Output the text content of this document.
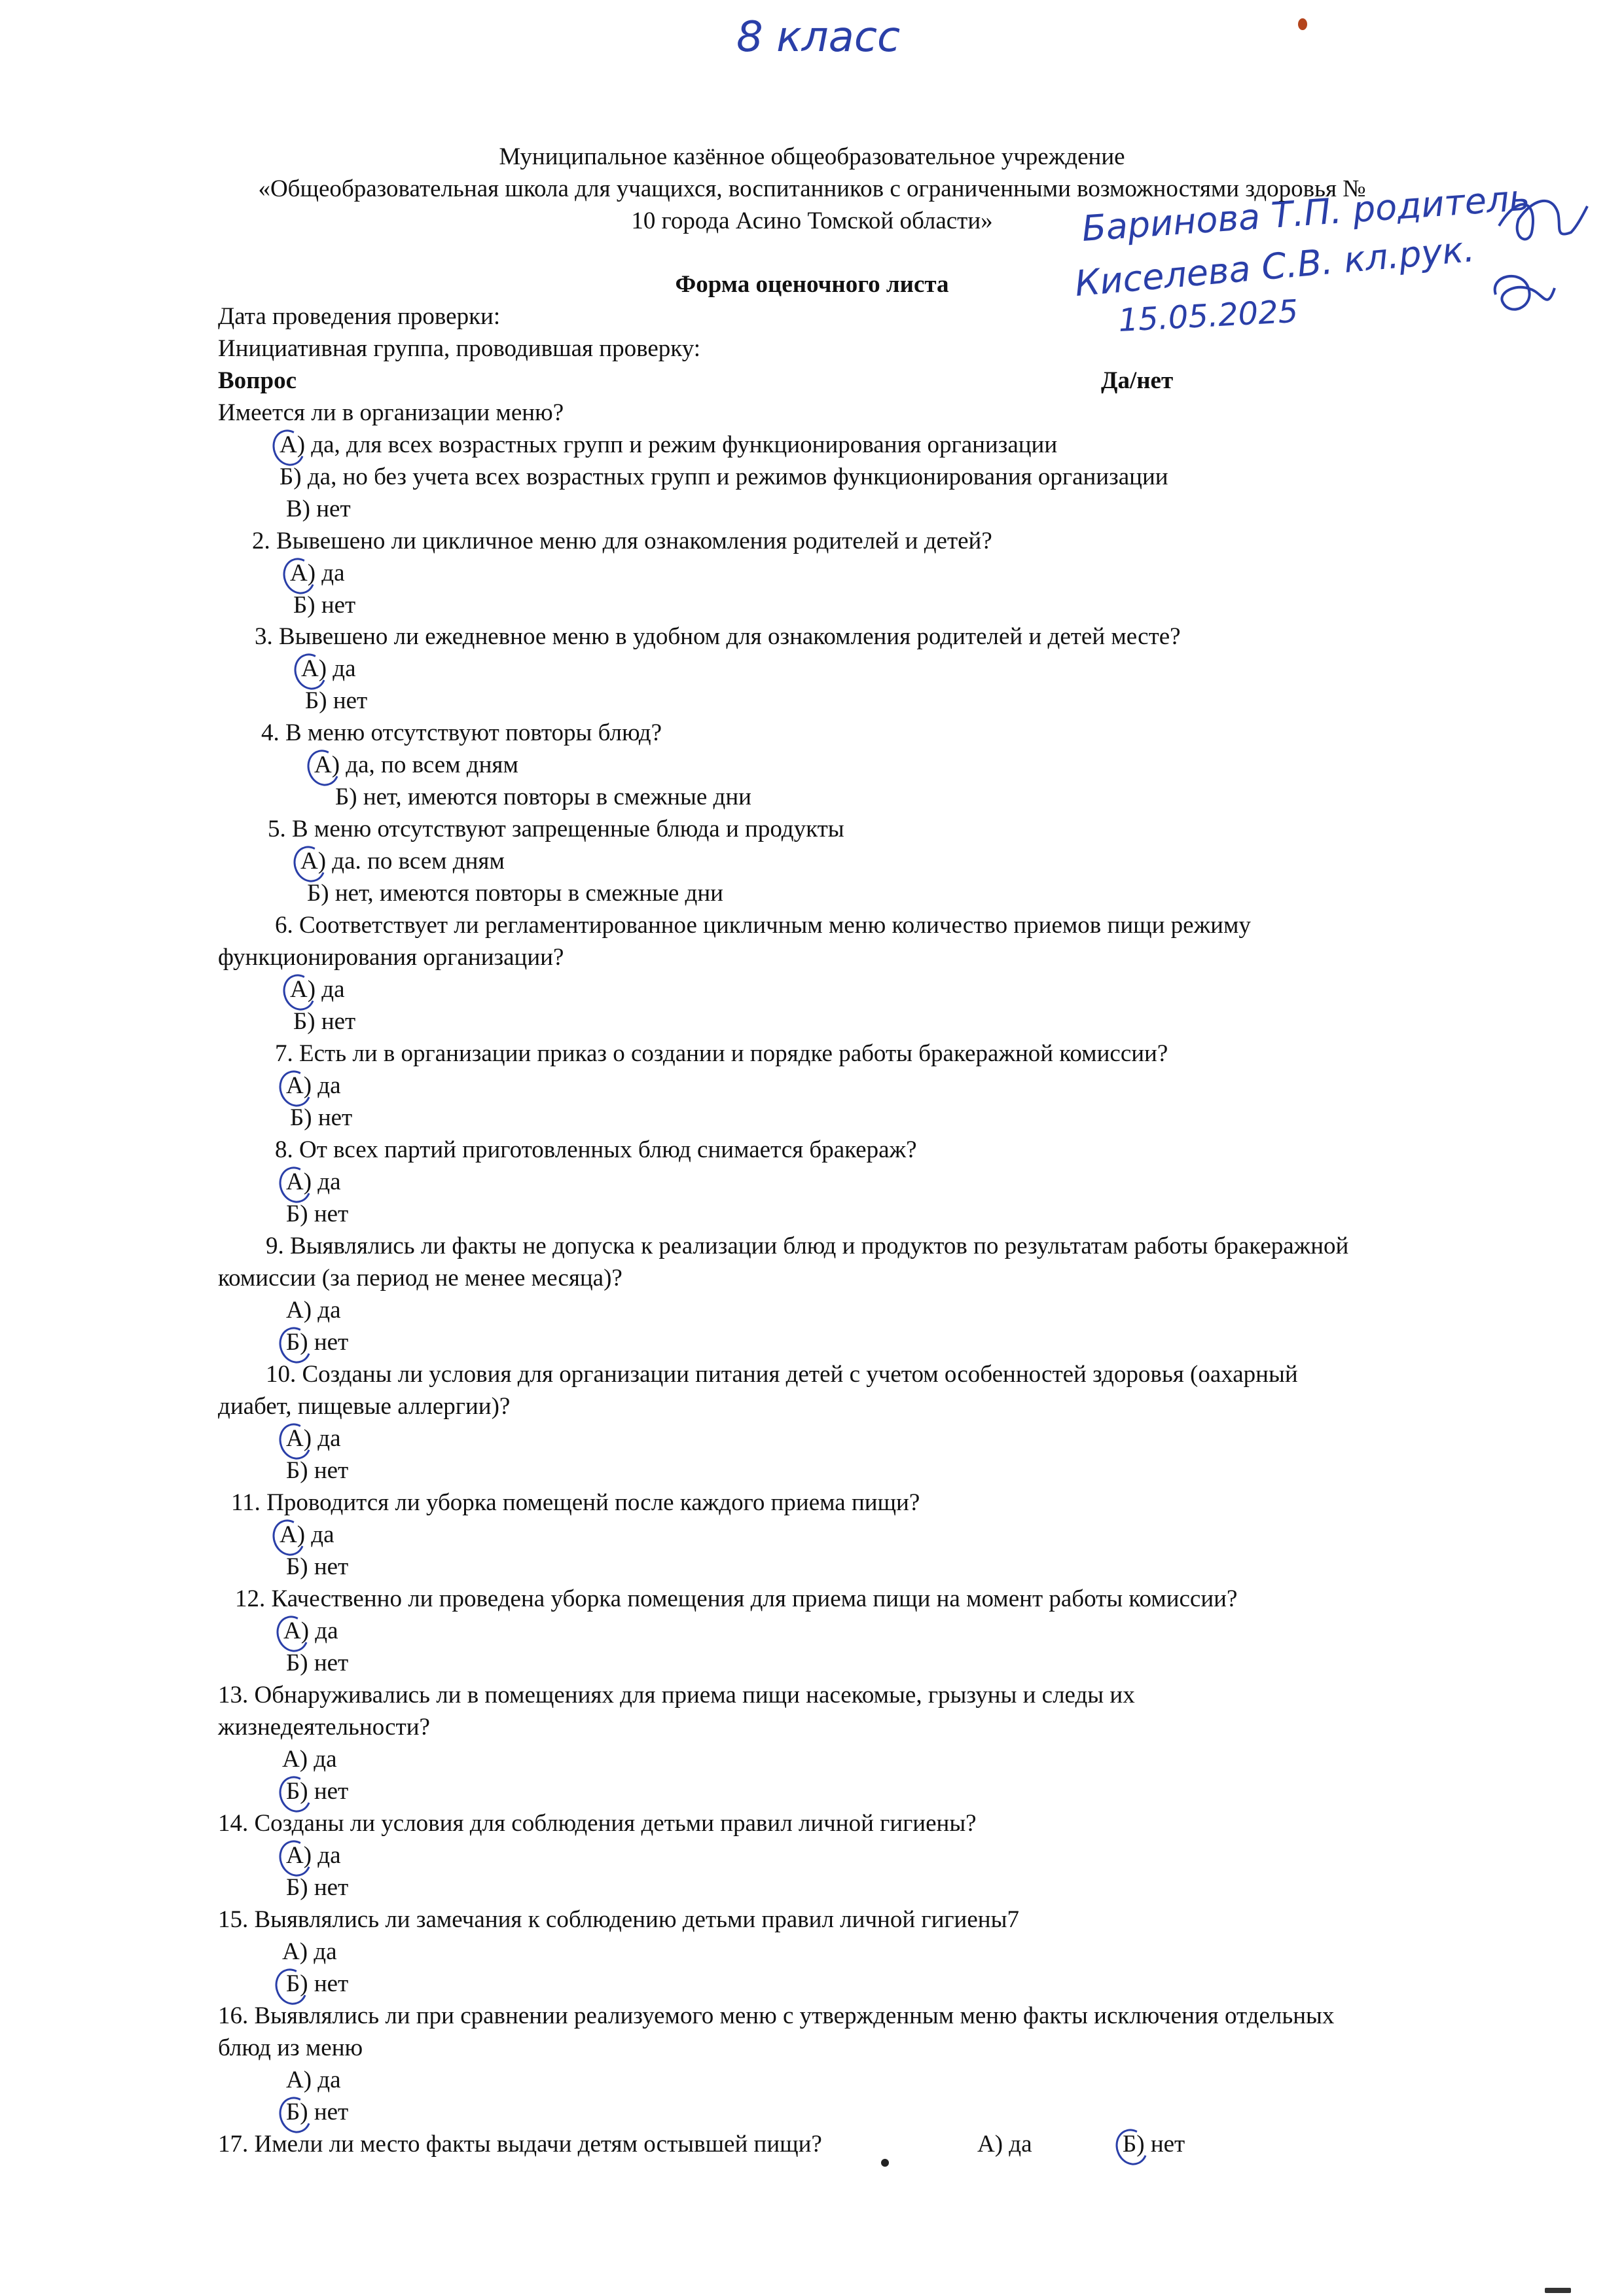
8 класс
Баринова Т.П. родитель
Киселева С.В. кл.рук.
15.05.2025
Муниципальное казённое общеобразовательное учреждение
«Общеобразовательная школа для учащихся, воспитанников с ограниченными возможностями здоровья №
10 города Асино Томской области»
Форма оценочного листа
Дата проведения проверки:
Инициативная группа, проводившая проверку:
Вопрос	Да/нет
Имеется ли в организации меню?
А) да, для всех возрастных групп и режим функционирования организации
Б) да, но без учета всех возрастных групп и режимов функционирования организации
В) нет
2. Вывешено ли цикличное меню для ознакомления родителей и детей?
А) да
Б) нет
3. Вывешено ли ежедневное меню в удобном для ознакомления родителей и детей месте?
А) да
Б) нет
4. В меню отсутствуют повторы блюд?
А) да, по всем дням
Б) нет, имеются повторы в смежные дни
5. В меню отсутствуют запрещенные блюда и продукты
А) да. по всем дням
Б) нет, имеются повторы в смежные дни
6. Соответствует ли регламентированное цикличным меню количество приемов пищи режиму
функционирования организации?
А) да
Б) нет
7. Есть ли в организации приказ о создании и порядке работы бракеражной комиссии?
А) да
Б) нет
8. От всех партий приготовленных блюд снимается бракераж?
А) да
Б) нет
9. Выявлялись ли факты не допуска к реализации блюд и продуктов по результатам работы бракеражной
комиссии (за период не менее месяца)?
А) да
Б) нет
10. Созданы ли условия для организации питания детей с учетом особенностей здоровья (оахарный
диабет, пищевые аллергии)?
А) да
Б) нет
11. Проводится ли уборка помещенй после каждого приема пищи?
А) да
Б) нет
12. Качественно ли проведена уборка помещения для приема пищи на момент работы комиссии?
А) да
Б) нет
13. Обнаруживались ли в помещениях для приема пищи насекомые, грызуны и следы их
жизнедеятельности?
А) да
Б) нет
14. Созданы ли условия для соблюдения детьми правил личной гигиены?
А) да
Б) нет
15. Выявлялись ли замечания к соблюдению детьми правил личной гигиены7
А) да
Б) нет
16. Выявлялись ли при сравнении реализуемого меню с утвержденным меню факты исключения отдельных
блюд из меню
А) да
Б) нет
17. Имели ли место факты выдачи детям остывшей пищи?	А) да	Б) нет
